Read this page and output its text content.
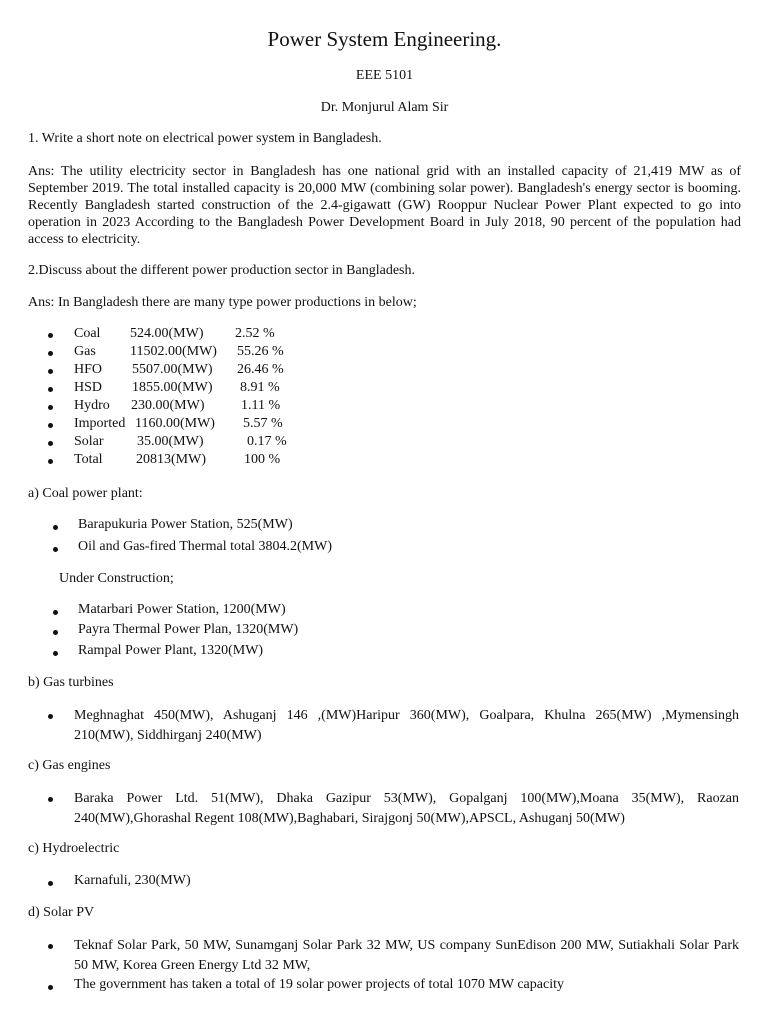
Power System Engineering.
EEE 5101
Dr. Monjurul Alam Sir
1. Write a short note on electrical power system in Bangladesh.
Ans: The utility electricity sector in Bangladesh has one national grid with an installed capacity of 21,419 MW as of September 2019. The total installed capacity is 20,000 MW (combining solar power). Bangladesh's energy sector is booming. Recently Bangladesh started construction of the 2.4-gigawatt (GW) Rooppur Nuclear Power Plant expected to go into operation in 2023 According to the Bangladesh Power Development Board in July 2018, 90 percent of the population had access to electricity.
2.Discuss about the different power production sector in Bangladesh.
Ans: In Bangladesh there are many type power productions in below;
Coal 524.00(MW) 2.52 %
Gas 11502.00(MW) 55.26 %
HFO 5507.00(MW) 26.46 %
HSD 1855.00(MW) 8.91 %
Hydro 230.00(MW)	1.11 %
Imported 1160.00(MW) 5.57 %
Solar 35.00(MW)	0.17 %
Total 20813(MW)	100 %
a) Coal power plant:
Barapukuria Power Station, 525(MW)
Oil and Gas-fired Thermal total 3804.2(MW)
Under Construction;
Matarbari Power Station, 1200(MW)
Payra Thermal Power Plan, 1320(MW)
Rampal Power Plant, 1320(MW)
b) Gas turbines
Meghnaghat 450(MW), Ashuganj 146 ,(MW)Haripur 360(MW), Goalpara, Khulna 265(MW) ,Mymensingh 210(MW), Siddhirganj 240(MW)
c) Gas engines
Baraka Power Ltd. 51(MW), Dhaka Gazipur 53(MW), Gopalganj 100(MW),Moana 35(MW), Raozan 240(MW),Ghorashal Regent 108(MW),Baghabari, Sirajgonj 50(MW),APSCL, Ashuganj 50(MW)
c) Hydroelectric
Karnafuli, 230(MW)
d) Solar PV
Teknaf Solar Park, 50 MW, Sunamganj Solar Park 32 MW, US company SunEdison 200 MW, Sutiakhali Solar Park 50 MW, Korea Green Energy Ltd 32 MW,
The government has taken a total of 19 solar power projects of total 1070 MW capacity
